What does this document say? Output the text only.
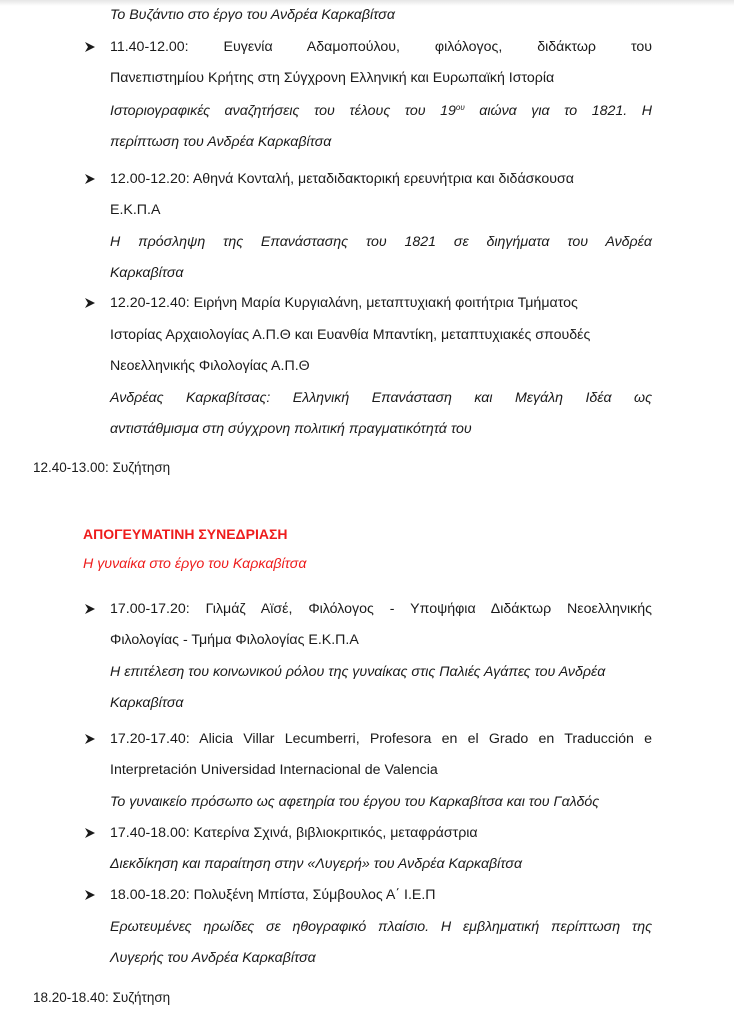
Το Βυζάντιο στο έργο του Ανδρέα Καρκαβίτσα
11.40-12.00: Ευγενία Αδαμοπούλου, φιλόλογος, διδάκτωρ του
Πανεπιστημίου Κρήτης στη Σύγχρονη Ελληνική και Ευρωπαϊκή Ιστορία
Ιστοριογραφικές αναζητήσεις του τέλους του $19^{o\upsilon}$ αιώνα για το 1821. Η
περίπτωση του Ανδρέα Καρκαβίτσα
12.00-12.20: Αθηνά Κονταλή, μεταδιδακτορική ερευνήτρια και διδάσκουσα
Ε.Κ.Π.Α
Η πρόσληψη της Επανάστασης του 1821 σε διηγήματα του Ανδρέα
Καρκαβίτσα
12.20-12.40: Ειρήνη Μαρία Κυργιαλάνη, μεταπτυχιακή φοιτήτρια Τμήματος
Ιστορίας Αρχαιολογίας Α.Π.Θ και Ευανθία Μπαντίκη, μεταπτυχιακές σπουδές
Νεοελληνικής Φιλολογίας Α.Π.Θ
Ανδρέας Καρκαβίτσας: Ελληνική Επανάσταση και Μεγάλη Ιδέα ως
αντιστάθμισμα στη σύγχρονη πολιτική πραγματικότητά του
12.40-13.00: Συζήτηση
ΑΠΟΓΕΥΜΑΤΙΝΗ ΣΥΝΕΔΡΙΑΣΗ
Η γυναίκα στο έργο του Καρκαβίτσα
17.00-17.20: Γιλμάζ Αϊσέ, Φιλόλογος - Υποψήφια Διδάκτωρ Νεοελληνικής
Φιλολογίας - Τμήμα Φιλολογίας Ε.Κ.Π.Α
Η επιτέλεση του κοινωνικού ρόλου της γυναίκας στις Παλιές Αγάπες του Ανδρέα
Καρκαβίτσα
17.20-17.40: Alicia Villar Lecumberri, Profesora en el Grado en Traducción e
Interpretación Universidad Internacional de Valencia
Το γυναικείο πρόσωπο ως αφετηρία του έργου του Καρκαβίτσα και του Γαλδός
17.40-18.00: Κατερίνα Σχινά, βιβλιοκριτικός, μεταφράστρια
Διεκδίκηση και παραίτηση στην «Λυγερή» του Ανδρέα Καρκαβίτσα
18.00-18.20: Πολυξένη Μπίστα, Σύμβουλος Α΄ Ι.Ε.Π
Ερωτευμένες ηρωίδες σε ηθογραφικό πλαίσιο. Η εμβληματική περίπτωση της
Λυγερής του Ανδρέα Καρκαβίτσα
18.20-18.40: Συζήτηση
